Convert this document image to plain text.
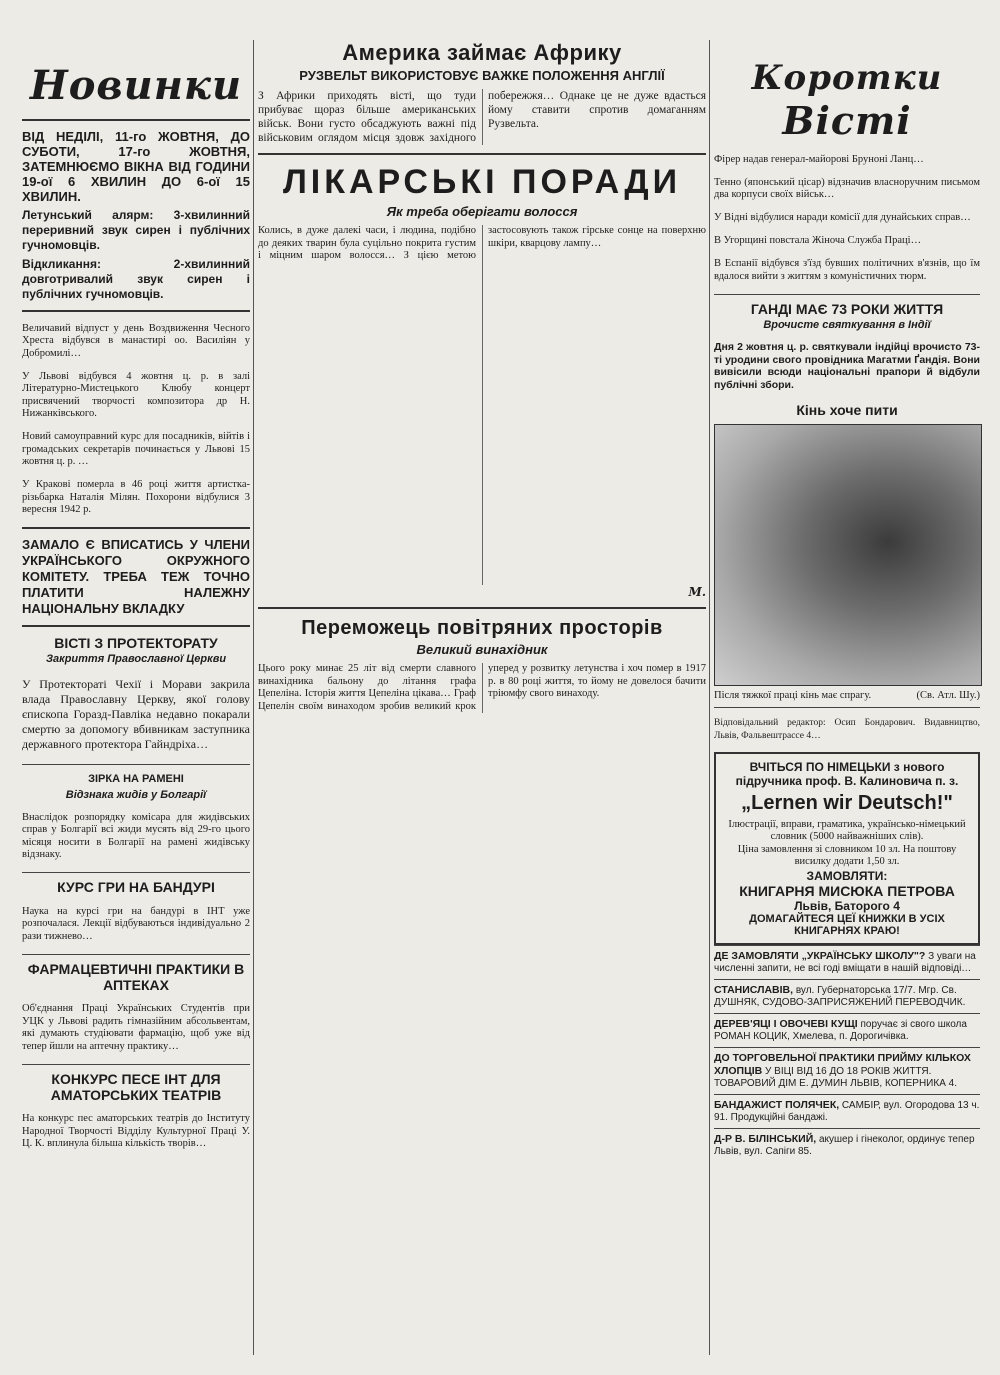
Новинки
ВІД НЕДІЛІ, 11-го ЖОВТНЯ, ДО СУБОТИ, 17-го ЖОВТНЯ, ЗАТЕМНЮЄМО ВІКНА ВІД ГОДИНИ 19-ої 6 ХВИЛИН ДО 6-ої 15 ХВИЛИН.
Летунський алярм: 3-хвилинний переривний звук сирен і публічних гучномовців.
Відкликання: 2-хвилинний довготривалий звук сирен і публічних гучномовців.

Величавий відпуст у день Воздвиження Чесного Хреста відбувся в манастирі оо. Василіян у Добромилі…

У Львові відбувся 4 жовтня ц. р. в залі Літературно-Мистецького Клюбу концерт присвячений творчості композитора др Н. Нижанківського.

Новий самоуправний курс для посадників, війтів і громадських секретарів починається у Львові 15 жовтня ц. р. …

У Кракові померла в 46 році життя артистка-різьбарка Наталія Мілян. Похорони відбулися 3 вересня 1942 р.

ЗАМАЛО Є ВПИСАТИСЬ У ЧЛЕНИ УКРАЇНСЬКОГО ОКРУЖНОГО КОМІТЕТУ. ТРЕБА ТЕЖ ТОЧНО ПЛАТИТИ НАЛЕЖНУ НАЦІОНАЛЬНУ ВКЛАДКУ
ВІСТІ З ПРОТЕКТОРАТУ
Закриття Православної Церкви

У Протектораті Чехії і Морави закрила влада Православну Церкву, якої голову єпископа Горазд-Павліка недавно покарали смертю за допомогу вбивникам заступника державного протектора Гайндріха…

ЗІРКА НА РАМЕНІ
Відзнака жидів у Болгарії

Внаслідок розпорядку комісара для жидівських справ у Болгарії всі жиди мусять від 29-го цього місяця носити в Болгарії на рамені жидівську відзнаку.

КУРС ГРИ НА БАНДУРІ

Наука на курсі гри на бандурі в ІНТ уже розпочалася. Лекції відбуваються індивідуально 2 рази тижнево…

ФАРМАЦЕВТИЧНІ ПРАКТИКИ В АПТЕКАХ

Об'єднання Праці Українських Студентів при УЦК у Львові радить гімназійним абсольвентам, які думають студіювати фармацію, щоб уже від тепер йшли на аптечну практику…

КОНКУРС ПЕСЕ ІНТ ДЛЯ АМАТОРСЬКИХ ТЕАТРІВ

На конкурс пес аматорських театрів до Інституту Народної Творчості Відділу Культурної Праці У. Ц. К. вплинула більша кількість творів…

Америка займає Африку
РУЗВЕЛЬТ ВИКОРИСТОВУЄ ВАЖКЕ ПОЛОЖЕННЯ АНГЛІЇ
З Африки приходять вісті, що туди прибуває щораз більше американських військ. Вони густо обсаджують важні під військовим оглядом місця здовж західного побережжя… Однаке це не дуже вдасться йому ставити спротив домаганням Рузвельта.
ЛІКАРСЬКІ ПОРАДИ
Як треба оберігати волосся
Колись, в дуже далекі часи, і людина, подібно до деяких тварин була суцільно покрита густим і міцним шаром волосся… З цією метою застосовують також гірське сонце на поверхню шкіри, кварцову лампу…
М.
Переможець повітряних просторів
Великий винахідник
Цього року минає 25 літ від смерти славного винахідника бальону до літання графа Цепеліна. Історія життя Цепеліна цікава… Граф Цепелін своїм винаходом зробив великий крок уперед у розвитку летунства і хоч помер в 1917 р. в 80 році життя, то йому не довелося бачити тріюмфу свого винаходу.
Коротки
Вісті

Фірер надав генерал-майорові Бруноні Ланц…

Тенно (японський цісар) відзначив власноручним письмом два корпуси своїх військ…

У Відні відбулися наради комісії для дунайських справ…

В Угорщині повстала Жіноча Служба Праці…

В Еспанії відбувся з'їзд бувших політичних в'язнів, що їм вдалося вийти з життям з комуністичних тюрм.

ГАНДІ МАЄ 73 РОКИ ЖИТТЯ
Врочисте святкування в Індії

Дня 2 жовтня ц. р. святкували індійці врочисто 73-ті уродини свого провідника Магатми Ґандія. Вони вивісили всюди національні прапори й відбули публічні збори.

Кінь хоче пити
Після тяжкої праці кінь має спрагу.	(Св. Атл. Шу.)

Відповідальний редактор: Осип Бондарович. Видавництво, Львів, Фальвештрассе 4…

ВЧІТЬСЯ ПО НІМЕЦЬКИ з нового підручника проф. В. Калиновича п. з.
„Lernen wir Deutsch!"
Ілюстрації, вправи, граматика, українсько-німецький словник (5000 найважніших слів).
Ціна замовлення зі словником 10 зл. На поштову висилку додати 1,50 зл.
ЗАМОВЛЯТИ:
КНИГАРНЯ МИСЮКА ПЕТРОВА
Львів, Баторого 4
ДОМАГАЙТЕСЯ ЦЕЇ КНИЖКИ В УСІХ КНИГАРНЯХ КРАЮ!
ДЕ ЗАМОВЛЯТИ „УКРАЇНСЬКУ ШКОЛУ"? З уваги на численні запити, не всі годі вміщати в нашій відповіді…
СТАНИСЛАВІВ, вул. Губернаторська 17/7. Мгр. Св. ДУШНЯК, СУДОВО-ЗАПРИСЯЖЕНИЙ ПЕРЕВОДЧИК.
ДЕРЕВ'ЯЦІ І ОВОЧЕВІ КУЩІ поручає зі свого школа РОМАН КОЦИК, Хмелева, п. Дорогичівка.
ДО ТОРГОВЕЛЬНОЇ ПРАКТИКИ ПРИЙМУ КІЛЬКОХ ХЛОПЦІВ У ВІЦІ ВІД 16 ДО 18 РОКІВ ЖИТТЯ. ТОВАРОВИЙ ДІМ Е. ДУМИН ЛЬВІВ, КОПЕРНИКА 4.
БАНДАЖИСТ ПОЛЯЧЕК, САМБІР, вул. Огородова 13 ч. 91. Продукційні бандажі.
Д-Р В. БІЛІНСЬКИЙ, акушер і гінеколог, ординує тепер Львів, вул. Сапіги 85.
